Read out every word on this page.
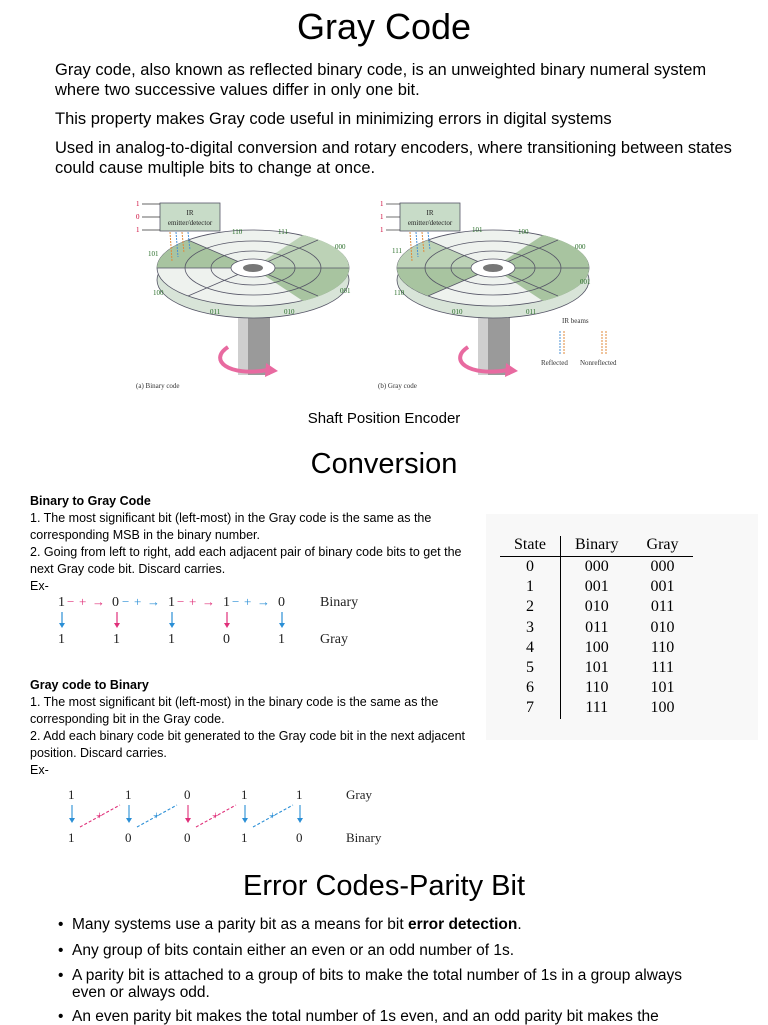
Gray Code
Gray code, also known as reflected binary code, is an unweighted binary numeral system where two successive values differ in only one bit.
This property makes Gray code useful in minimizing errors in digital systems
Used in analog-to-digital conversion and rotary encoders, where transitioning between states could cause multiple bits to change at once.
IR
emitter/detector
1
0
1	110	111
000
101
100	001
011	010
(a) Binary code
IR
emitter/detector
1
1
1	101	100
000
111
001
110
010	011
IR beams
Reflected Nonreflected
(b) Gray code
Shaft Position Encoder
Conversion
Binary to Gray Code
1. The most significant bit (left-most) in the Gray code is the same as the corresponding MSB in the binary number.
2. Going from left to right, add each adjacent pair of binary code bits to get the next Gray code bit. Discard carries.
Ex-
1	0	1	1	0	Binary
1	1	1	0	1	Gray
− + →	− + →
− + →	− + →
Gray code to Binary
1. The most significant bit (left-most) in the binary code is the same as the corresponding bit in the Gray code.
2. Add each binary code bit generated to the Gray code bit in the next adjacent position. Discard carries.
Ex-
1	1	0	1	1	Gray
1	0	0	1	0	Binary
+	+	+	+
State	Binary	Gray
0	000	000
1	001	001
2	010	011
3	011	010
4	100	110
5	101	111
6	110	101
7	111	100
Error Codes-Parity Bit
• Many systems use a parity bit as a means for bit error detection.
• Any group of bits contain either an even or an odd number of 1s.
• A parity bit is attached to a group of bits to make the total number of 1s in a group always even or always odd.
• An even parity bit makes the total number of 1s even, and an odd parity bit makes the
